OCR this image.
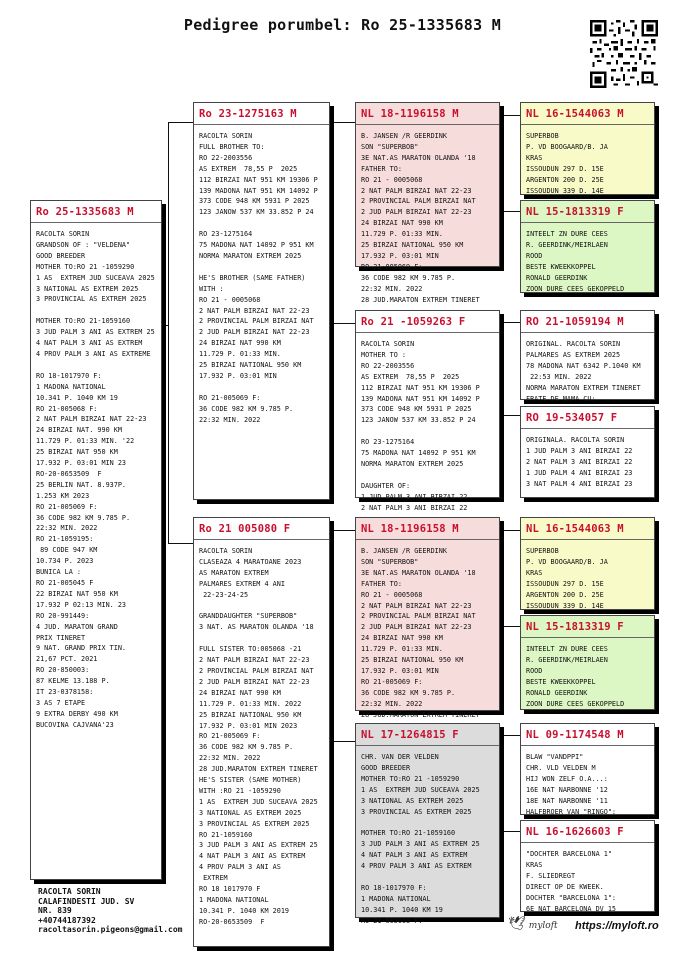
Pedigree porumbel: Ro 25-1335683 M
Ro 25-1335683 M
RACOLTA SORIN
GRANDSON OF : "VELDENA"
GOOD BREEDER
MOTHER TO:RO 21 -1059290
1 AS  EXTREM JUD SUCEAVA 2025
3 NATIONAL AS EXTREM 2025
3 PROVINCIAL AS EXTREM 2025

MOTHER TO:RO 21-1059160
3 JUD PALM 3 ANI AS EXTREM 25
4 NAT PALM 3 ANI AS EXTREM
4 PROV PALM 3 ANI AS EXTREME

RO 18-1017970 F:
1 MADONA NATIONAL
10.341 P. 1040 KM 19
RO 21-005068 F:
2 NAT PALM BIRZAI NAT 22-23
24 BIRZAI NAT. 990 KM
11.729 P. 01:33 MIN. '22
25 BIRZAI NAT 950 KM
17.932 P. 03:01 MIN 23
RO-20-0653509  F
25 BERLIN NAT. 8.937P.
1.253 KM 2023
RO 21-005069 F:
36 CODE 982 KM 9.785 P.
22:32 MIN. 2022
RO 21-1059195:
89 CODE 947 KM
10.734 P. 2023
BUNICA LA :
RO 21-005045 F
22 BIRZAI NAT 950 KM
17.932 P 02:13 MIN. 23
RO 20-991449:
4 JUD. MARATON GRAND
PRIX TINERET
9 NAT. GRAND PRIX TIN.
21,67 PCT. 2021
RO 20-850003:
87 KELME 13.188 P.
IT 23-0378158:
3 AS 7 ETAPE
9 EXTRA DERBY 490 KM
BUCOVINA CAJVANA'23
Ro 23-1275163 M
RACOLTA SORIN
FULL BROTHER TO:
RO 22-2003556
AS EXTREM  78,55 P  2025
112 BIRZAI NAT 951 KM 19306 P
139 MADONA NAT 951 KM 14092 P
373 CODE 948 KM 5931 P 2025
123 JANOW 537 KM 33.852 P 24

RO 23-1275164
75 MADONA NAT 14092 P 951 KM
NORMA MARATON EXTREM 2025

HE'S BROTHER (SAME FATHER)
WITH :
RO 21 - 0005068
2 NAT PALM BIRZAI NAT 22-23
2 PROVINCIAL PALM BIRZAI NAT
2 JUD PALM BIRZAI NAT 22-23
24 BIRZAI NAT 990 KM
11.729 P. 01:33 MIN.
25 BIRZAI NATIONAL 950 KM
17.932 P. 03:01 MIN

RO 21-005069 F:
36 CODE 982 KM 9.785 P.
22:32 MIN. 2022
Ro 21 005080 F
RACOLTA SORIN
CLASEAZA 4 MARATOANE 2023
AS MARATON EXTREM
PALMARES EXTREM 4 ANI
22-23-24-25

GRANDDAUGHTER "SUPERBOB"
3 NAT. AS MARATON OLANDA '18

FULL SISTER TO:005068 -21
2 NAT PALM BIRZAI NAT 22-23
2 PROVINCIAL PALM BIRZAI NAT
2 JUD PALM BIRZAI NAT 22-23
24 BIRZAI NAT 990 KM
11.729 P. 01:33 MIN. 2022
25 BIRZAI NATIONAL 950 KM
17.932 P. 03:01 MIN 2023
RO 21-005069 F:
36 CODE 982 KM 9.785 P.
22:32 MIN. 2022
28 JUD.MARATON EXTREM TINERET
HE'S SISTER (SAME MOTHER)
WITH :RO 21 -1059290
1 AS  EXTREM JUD SUCEAVA 2025
3 NATIONAL AS EXTREM 2025
3 PROVINCIAL AS EXTREM 2025
RO 21-1059160
3 JUD PALM 3 ANI AS EXTREM 25
4 NAT PALM 3 ANI AS EXTREM
4 PROV PALM 3 ANI AS
EXTREM
RO 18 1017970 F
1 MADONA NATIONAL
10.341 P. 1040 KM 2019
RO-20-0653509  F
NL 18-1196158 M
B. JANSEN /R GEERDINK
SON "SUPERBOB"
3E NAT.AS MARATON OLANDA '18
FATHER TO:
RO 21 - 0005068
2 NAT PALM BIRZAI NAT 22-23
2 PROVINCIAL PALM BIRZAI NAT
2 JUD PALM BIRZAI NAT 22-23
24 BIRZAI NAT 990 KM
11.729 P. 01:33 MIN.
25 BIRZAI NATIONAL 950 KM
17.932 P. 03:01 MIN
RO 21-005069 F:
36 CODE 982 KM 9.785 P.
22:32 MIN. 2022
28 JUD.MARATON EXTREM TINERET
Ro 21 -1059263 F
RACOLTA SORIN
MOTHER TO :
RO 22-2003556
AS EXTREM  78,55 P  2025
112 BIRZAI NAT 951 KM 19306 P
139 MADONA NAT 951 KM 14092 P
373 CODE 948 KM 5931 P 2025
123 JANOW 537 KM 33.852 P 24

RO 23-1275164
75 MADONA NAT 14092 P 951 KM
NORMA MARATON EXTREM 2025

DAUGHTER OF:
1 JUD PALM 3 ANI BIRZAI 22
2 NAT PALM 3 ANI BIRZAI 22
NL 18-1196158 M
B. JANSEN /R GEERDINK
SON "SUPERBOB"
3E NAT.AS MARATON OLANDA '18
FATHER TO:
RO 21 - 0005068
2 NAT PALM BIRZAI NAT 22-23
2 PROVINCIAL PALM BIRZAI NAT
2 JUD PALM BIRZAI NAT 22-23
24 BIRZAI NAT 990 KM
11.729 P. 01:33 MIN.
25 BIRZAI NATIONAL 950 KM
17.932 P. 03:01 MIN
RO 21-005069 F:
36 CODE 982 KM 9.785 P.
22:32 MIN. 2022
28 JUD.MARATON EXTREM TINERET
NL 17-1264815 F
CHR. VAN DER VELDEN
GOOD BREEDER
MOTHER TO:RO 21 -1059290
1 AS  EXTREM JUD SUCEAVA 2025
3 NATIONAL AS EXTREM 2025
3 PROVINCIAL AS EXTREM 2025

MOTHER TO:RO 21-1059160
3 JUD PALM 3 ANI AS EXTREM 25
4 NAT PALM 3 ANI AS EXTREM
4 PROV PALM 3 ANI AS EXTREM

RO 18-1017970 F:
1 MADONA NATIONAL
10.341 P. 1040 KM 19
RO 21-005068 F:
NL 16-1544063 M
SUPERBOB
P. VD BOOGAARD/B. JA
KRAS
ISSOUDUN 297 D. 15E
ARGENTON 200 D. 25E
ISSOUDUN 339 D. 14E
NL 15-1813319 F
INTEELT ZN DURE CEES
R. GEERDINK/MEIRLAEN
ROOD
BESTE KWEEKKOPPEL
RONALD GEERDINK
ZOON DURE CEES GEKOPPELD
RO 21-1059194 M
ORIGINAL. RACOLTA SORIN
PALMARES AS EXTREM 2025
78 MADONA NAT 6342 P.1040 KM
22:53 MIN. 2022
NORMA MARATON EXTREM TINERET
FRATE DE MAMA CU:
RO 19-534057 F
ORIGINALA. RACOLTA SORIN
1 JUD PALM 3 ANI BIRZAI 22
2 NAT PALM 3 ANI BIRZAI 22
1 JUD PALM 4 ANI BIRZAI 23
3 NAT PALM 4 ANI BIRZAI 23
NL 16-1544063 M
SUPERBOB
P. VD BOOGAARD/B. JA
KRAS
ISSOUDUN 297 D. 15E
ARGENTON 200 D. 25E
ISSOUDUN 339 D. 14E
NL 15-1813319 F
INTEELT ZN DURE CEES
R. GEERDINK/MEIRLAEN
ROOD
BESTE KWEEKKOPPEL
RONALD GEERDINK
ZOON DURE CEES GEKOPPELD
NL 09-1174548 M
BLAW "VANDPPI"
CHR. VLD VELDEN M
HIJ WON ZELF O.A...:
16E NAT NARBONNE '12
18E NAT NARBONNE '11
HALFBROER VAN "RINGO":
NL 16-1626603 F
"DOCHTER BARCELONA 1"
KRAS
F. SLIEDREGT
DIRECT OP DE KWEEK.
DOCHTER "BARCELONA 1":
6E NAT BARCELONA DV 15
RACOLTA SORIN
CALAFINDESTI JUD. SV
NR. 839
+40744187392
racoltasorin.pigeons@gmail.com	🕊 myloft https://myloft.ro
